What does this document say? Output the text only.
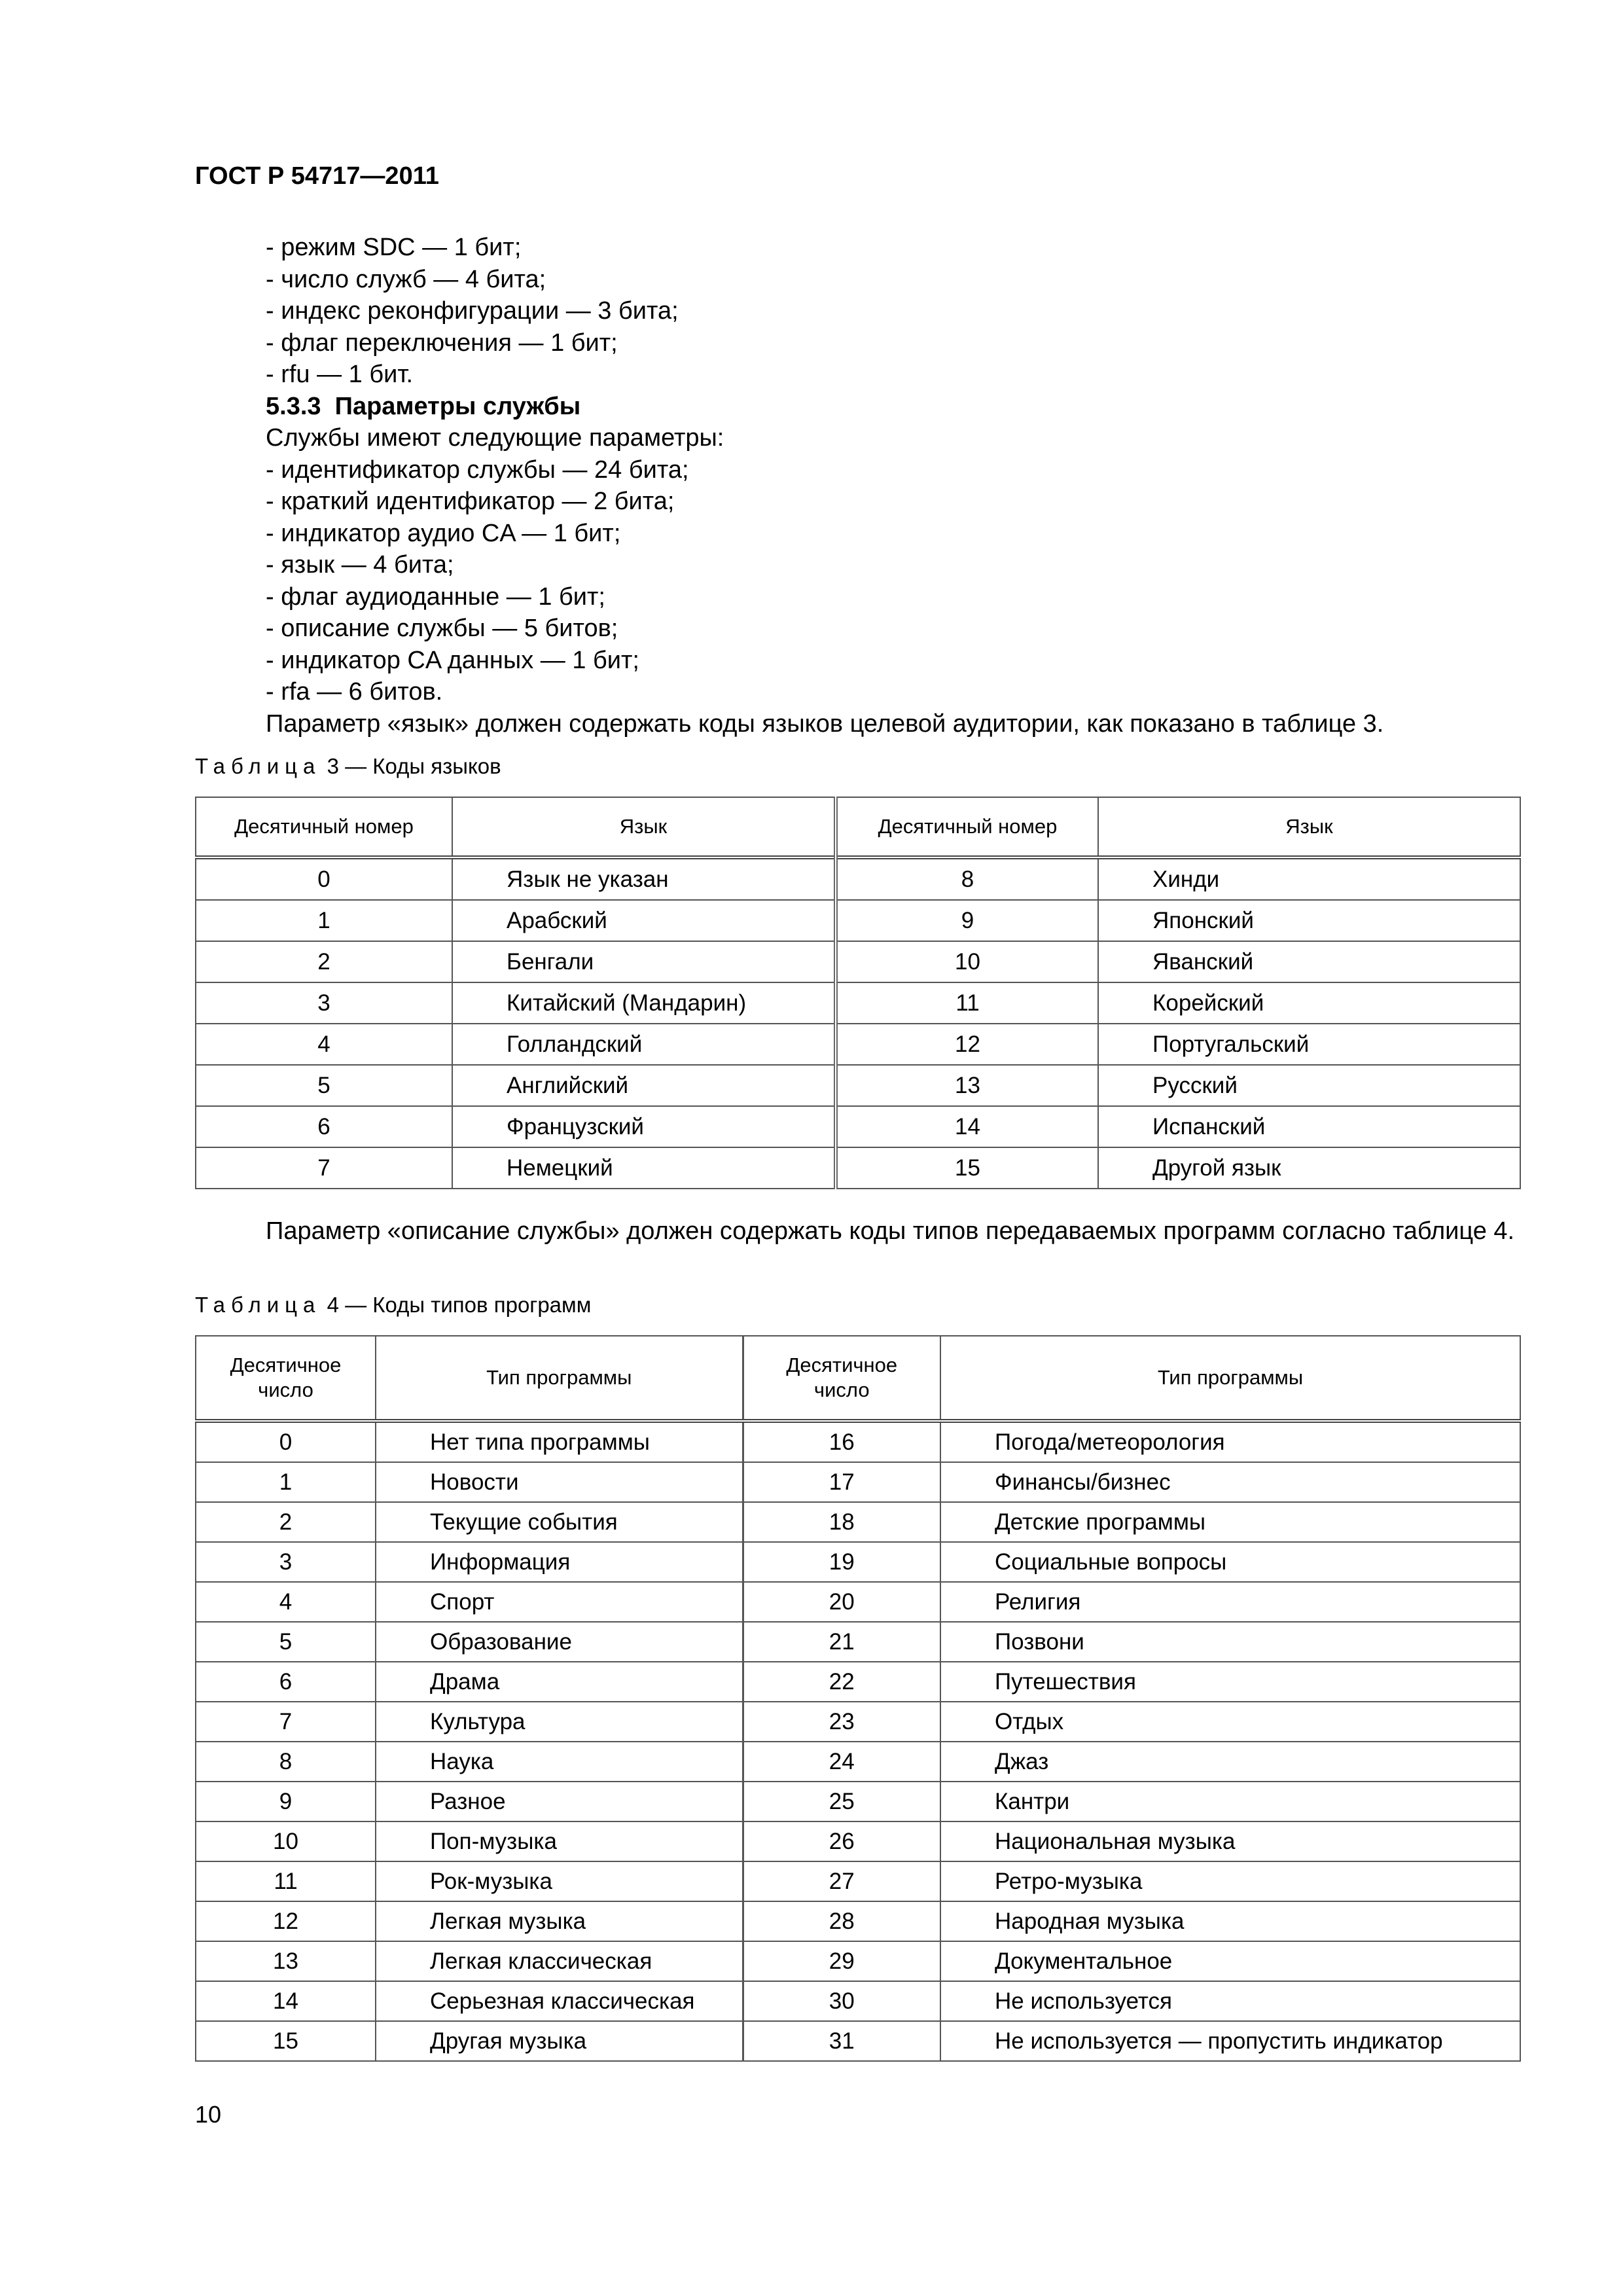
ГОСТ Р 54717—2011
- режим SDC — 1 бит;
- число служб — 4 бита;
- индекс реконфигурации — 3 бита;
- флаг переключения — 1 бит;
- rfu — 1 бит.
5.3.3  Параметры службы
Службы имеют следующие параметры:
- идентификатор службы — 24 бита;
- краткий идентификатор — 2 бита;
- индикатор аудио CA — 1 бит;
- язык — 4 бита;
- флаг аудиоданные — 1 бит;
- описание службы — 5 битов;
- индикатор CA данных — 1 бит;
- rfa — 6 битов.
Параметр «язык» должен содержать коды языков целевой аудитории, как показано в таблице 3.
Таблица 3 — Коды языков
Десятичный номер	Язык	Десятичный номер	Язык
0	Язык не указан	8	Хинди
1	Арабский	9	Японский
2	Бенгали	10	Яванский
3	Китайский (Мандарин)	11	Корейский
4	Голландский	12	Португальский
5	Английский	13	Русский
6	Французский	14	Испанский
7	Немецкий	15	Другой язык
Параметр «описание службы» должен содержать коды типов передаваемых программ согласно таблице 4.
Таблица 4 — Коды типов программ
Десятичное число	Тип программы	Десятичное число	Тип программы
0	Нет типа программы	16	Погода/метеорология
1	Новости	17	Финансы/бизнес
2	Текущие события	18	Детские программы
3	Информация	19	Социальные вопросы
4	Спорт	20	Религия
5	Образование	21	Позвони
6	Драма	22	Путешествия
7	Культура	23	Отдых
8	Наука	24	Джаз
9	Разное	25	Кантри
10	Поп-музыка	26	Национальная музыка
11	Рок-музыка	27	Ретро-музыка
12	Легкая музыка	28	Народная музыка
13	Легкая классическая	29	Документальное
14	Серьезная классическая	30	Не используется
15	Другая музыка	31	Не используется — пропустить индикатор
10
